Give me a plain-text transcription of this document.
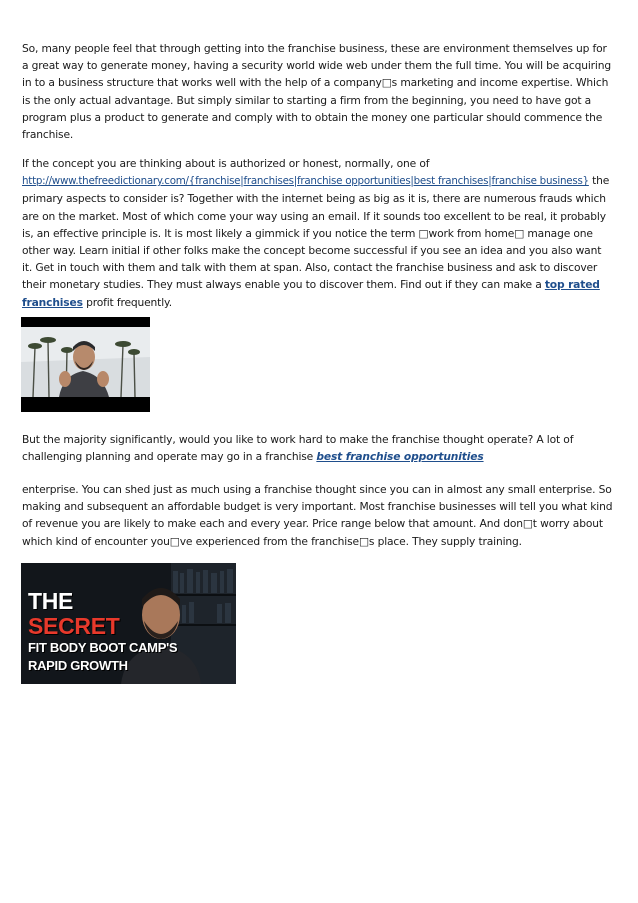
So, many people feel that through getting into the franchise business, these are environment themselves up for a great way to generate money, having a security world wide web under them the full time. You will be acquiring in to a business structure that works well with the help of a company□s marketing and income expertise. Which is the only actual advantage. But simply similar to starting a firm from the beginning, you need to have got a program plus a product to generate and comply with to obtain the money one particular should commence the franchise.

If the concept you are thinking about is authorized or honest, normally, one of
http://www.thefreedictionary.com/{franchise|franchises|franchise opportunities|best franchises|franchise business} the primary aspects to consider is? Together with the internet being as big as it is, there are numerous frauds which are on the market. Most of which come your way using an email. If it sounds too excellent to be real, it probably is, an effective principle is. It is most likely a gimmick if you notice the term □work from home□ manage one other way. Learn initial if other folks make the concept become successful if you see an idea and you also want it. Get in touch with them and talk with them at span. Also, contact the franchise business and ask to discover their monetary studies. They must always enable you to discover them. Find out if they can make a top rated franchises profit frequently.

But the majority significantly, would you like to work hard to make the franchise thought operate? A lot of challenging planning and operate may go in a franchise best franchise opportunities

enterprise. You can shed just as much using a franchise thought since you can in almost any small enterprise. So making and subsequent an affordable budget is very important. Most franchise businesses will tell you what kind of revenue you are likely to make each and every year. Price range below that amount. And don□t worry about which kind of encounter you□ve experienced from the franchise□s place. They supply training.

THE
SECRET
FIT BODY BOOT CAMP'S
RAPID GROWTH
